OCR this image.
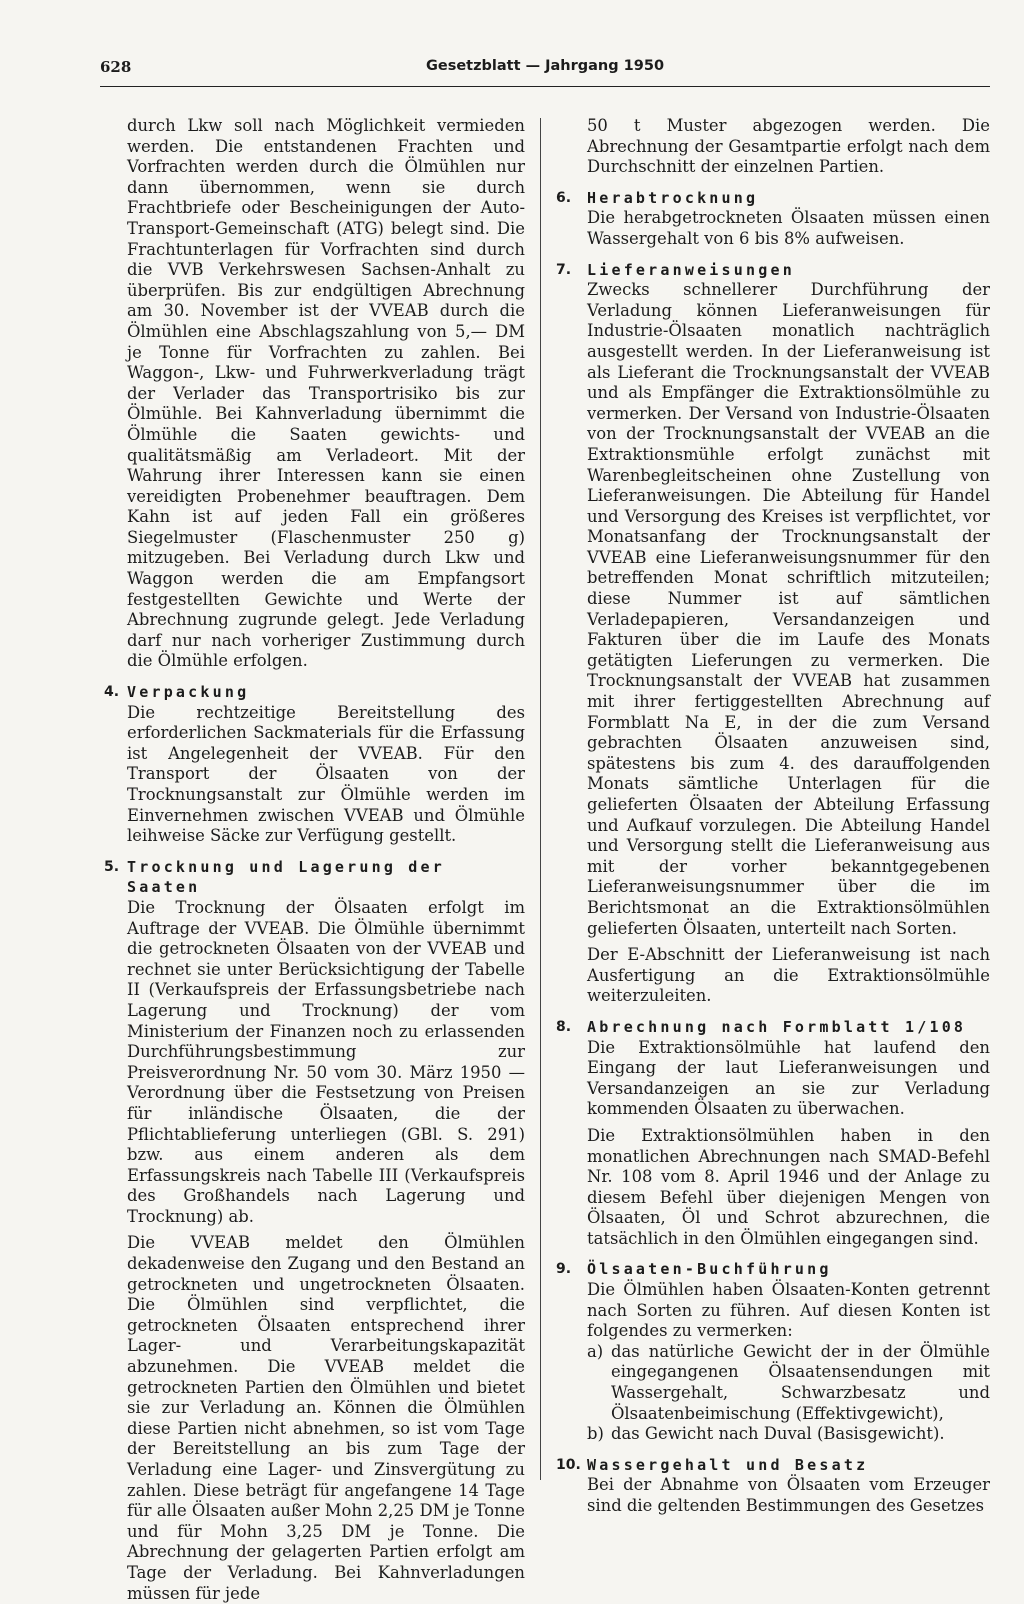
628	Gesetzblatt — Jahrgang 1950

durch Lkw soll nach Möglichkeit vermieden werden. Die entstandenen Frachten und Vorfrachten werden durch die Ölmühlen nur dann übernommen, wenn sie durch Frachtbriefe oder Bescheinigungen der Auto-Transport-Gemeinschaft (ATG) belegt sind. Die Frachtunterlagen für Vorfrachten sind durch die VVB Verkehrswesen Sachsen-Anhalt zu überprüfen. Bis zur endgültigen Abrechnung am 30. November ist der VVEAB durch die Ölmühlen eine Abschlagszahlung von 5,— DM je Tonne für Vorfrachten zu zahlen. Bei Waggon-, Lkw- und Fuhrwerkverladung trägt der Verlader das Transportrisiko bis zur Ölmühle. Bei Kahnverladung übernimmt die Ölmühle die Saaten gewichts- und qualitätsmäßig am Verladeort. Mit der Wahrung ihrer Interessen kann sie einen vereidigten Probenehmer beauftragen. Dem Kahn ist auf jeden Fall ein größeres Siegelmuster (Flaschenmuster 250 g) mitzugeben. Bei Verladung durch Lkw und Waggon werden die am Empfangsort festgestellten Gewichte und Werte der Abrechnung zugrunde gelegt. Jede Verladung darf nur nach vorheriger Zustimmung durch die Ölmühle erfolgen.

4. Verpackung

Die rechtzeitige Bereitstellung des erforderlichen Sackmaterials für die Erfassung ist Angelegenheit der VVEAB. Für den Transport der Ölsaaten von der Trocknungsanstalt zur Ölmühle werden im Einvernehmen zwischen VVEAB und Ölmühle leihweise Säcke zur Verfügung gestellt.

5. Trocknung und Lagerung der Saaten

Die Trocknung der Ölsaaten erfolgt im Auftrage der VVEAB. Die Ölmühle übernimmt die getrockneten Ölsaaten von der VVEAB und rechnet sie unter Berücksichtigung der Tabelle II (Verkaufspreis der Erfassungsbetriebe nach Lagerung und Trocknung) der vom Ministerium der Finanzen noch zu erlassenden Durchführungsbestimmung zur Preisverordnung Nr. 50 vom 30. März 1950 — Verordnung über die Festsetzung von Preisen für inländische Ölsaaten, die der Pflichtablieferung unterliegen (GBl. S. 291) bzw. aus einem anderen als dem Erfassungskreis nach Tabelle III (Verkaufspreis des Großhandels nach Lagerung und Trocknung) ab.

Die VVEAB meldet den Ölmühlen dekadenweise den Zugang und den Bestand an getrockneten und ungetrockneten Ölsaaten. Die Ölmühlen sind verpflichtet, die getrockneten Ölsaaten entsprechend ihrer Lager- und Verarbeitungskapazität abzunehmen. Die VVEAB meldet die getrockneten Partien den Ölmühlen und bietet sie zur Verladung an. Können die Ölmühlen diese Partien nicht abnehmen, so ist vom Tage der Bereitstellung an bis zum Tage der Verladung eine Lager- und Zinsvergütung zu zahlen. Diese beträgt für angefangene 14 Tage für alle Ölsaaten außer Mohn 2,25 DM je Tonne und für Mohn 3,25 DM je Tonne. Die Abrechnung der gelagerten Partien erfolgt am Tage der Verladung. Bei Kahnverladungen müssen für jede

50 t Muster abgezogen werden. Die Abrechnung der Gesamtpartie erfolgt nach dem Durchschnitt der einzelnen Partien.

6. Herabtrocknung

Die herabgetrockneten Ölsaaten müssen einen Wassergehalt von 6 bis 8% aufweisen.

7. Lieferanweisungen

Zwecks schnellerer Durchführung der Verladung können Lieferanweisungen für Industrie-Ölsaaten monatlich nachträglich ausgestellt werden. In der Lieferanweisung ist als Lieferant die Trocknungsanstalt der VVEAB und als Empfänger die Extraktionsölmühle zu vermerken. Der Versand von Industrie-Ölsaaten von der Trocknungsanstalt der VVEAB an die Extraktionsmühle erfolgt zunächst mit Warenbegleitscheinen ohne Zustellung von Lieferanweisungen. Die Abteilung für Handel und Versorgung des Kreises ist verpflichtet, vor Monatsanfang der Trocknungsanstalt der VVEAB eine Lieferanweisungsnummer für den betreffenden Monat schriftlich mitzuteilen; diese Nummer ist auf sämtlichen Verladepapieren, Versandanzeigen und Fakturen über die im Laufe des Monats getätigten Lieferungen zu vermerken. Die Trocknungsanstalt der VVEAB hat zusammen mit ihrer fertiggestellten Abrechnung auf Formblatt Na E, in der die zum Versand gebrachten Ölsaaten anzuweisen sind, spätestens bis zum 4. des darauffolgenden Monats sämtliche Unterlagen für die gelieferten Ölsaaten der Abteilung Erfassung und Aufkauf vorzulegen. Die Abteilung Handel und Versorgung stellt die Lieferanweisung aus mit der vorher bekanntgegebenen Lieferanweisungsnummer über die im Berichtsmonat an die Extraktionsölmühlen gelieferten Ölsaaten, unterteilt nach Sorten.

Der E-Abschnitt der Lieferanweisung ist nach Ausfertigung an die Extraktionsölmühle weiterzuleiten.

8. Abrechnung nach Formblatt 1/108

Die Extraktionsölmühle hat laufend den Eingang der laut Lieferanweisungen und Versandanzeigen an sie zur Verladung kommenden Ölsaaten zu überwachen.

Die Extraktionsölmühlen haben in den monatlichen Abrechnungen nach SMAD-Befehl Nr. 108 vom 8. April 1946 und der Anlage zu diesem Befehl über diejenigen Mengen von Ölsaaten, Öl und Schrot abzurechnen, die tatsächlich in den Ölmühlen eingegangen sind.

9. Ölsaaten-Buchführung

Die Ölmühlen haben Ölsaaten-Konten getrennt nach Sorten zu führen. Auf diesen Konten ist folgendes zu vermerken:

a) das natürliche Gewicht der in der Ölmühle eingegangenen Ölsaatensendungen mit Wassergehalt, Schwarzbesatz und Ölsaatenbeimischung (Effektivgewicht),
b) das Gewicht nach Duval (Basisgewicht).
10. Wassergehalt und Besatz

Bei der Abnahme von Ölsaaten vom Erzeuger sind die geltenden Bestimmungen des Gesetzes
